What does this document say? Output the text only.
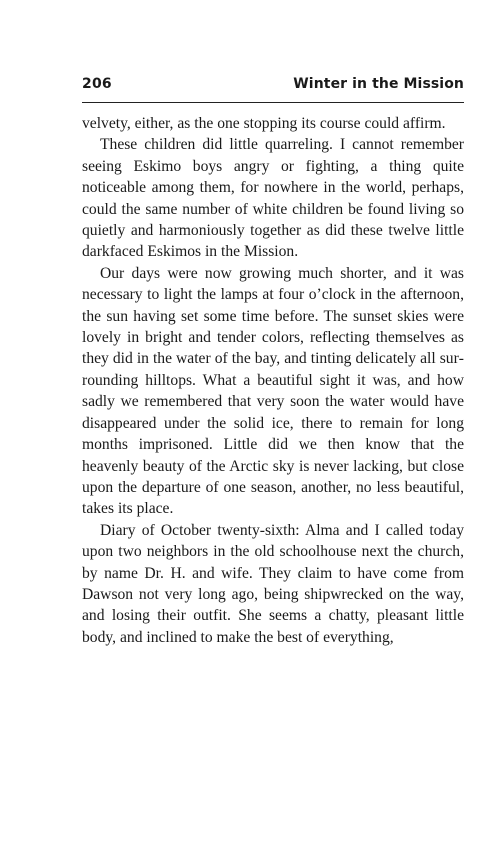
206	Winter in the Mission

velvety, either, as the one stopping its course could affirm.

These children did little quarreling. I cannot remember seeing Eskimo boys angry or fighting, a thing quite noticeable among them, for nowhere in the world, perhaps, could the same number of white children be found living so quietly and harmoniously together as did these twelve little darkfaced Eskimos in the Mission.

Our days were now growing much shorter, and it was necessary to light the lamps at four o’clock in the afternoon, the sun having set some time before. The sunset skies were lovely in bright and tender colors, reflecting themselves as they did in the water of the bay, and tinting delicately all surrounding hilltops. What a beautiful sight it was, and how sadly we remembered that very soon the water would have disappeared under the solid ice, there to remain for long months imprisoned. Little did we then know that the heavenly beauty of the Arctic sky is never lacking, but close upon the departure of one season, another, no less beautiful, takes its place.

Diary of October twenty-sixth: Alma and I called today upon two neighbors in the old schoolhouse next the church, by name Dr. H. and wife. They claim to have come from Dawson not very long ago, being shipwrecked on the way, and losing their outfit. She seems a chatty, pleasant little body, and inclined to make the best of everything,
